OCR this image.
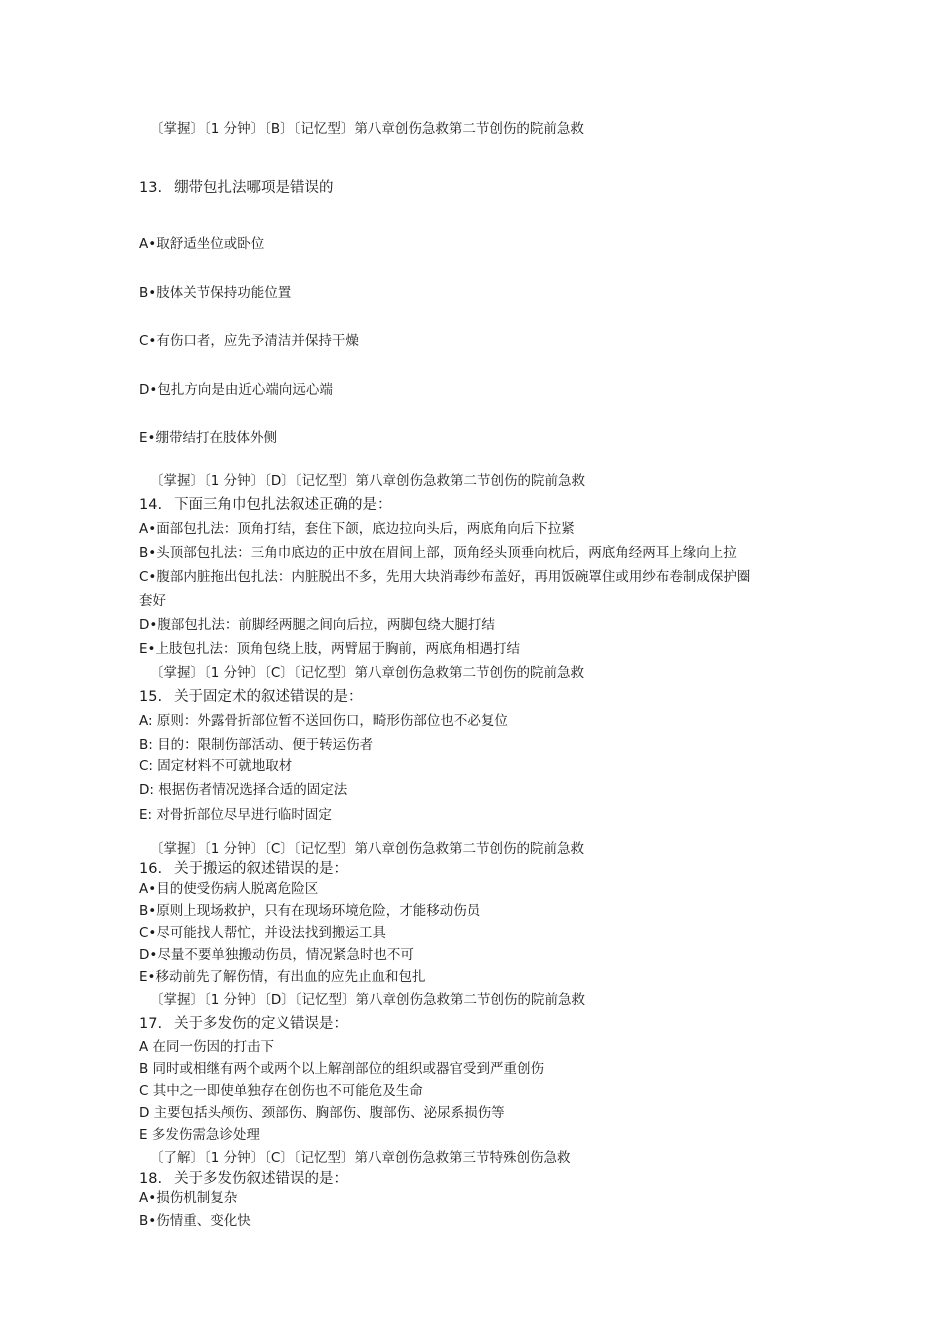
〔掌握〕〔1 分钟〕〔B〕〔记忆型〕第八章创伤急救第二节创伤的院前急救
13. 绷带包扎法哪项是错误的
A•取舒适坐位或卧位
B•肢体关节保持功能位置
C•有伤口者，应先予清洁并保持干燥
D•包扎方向是由近心端向远心端
E•绷带结打在肢体外侧
〔掌握〕〔1 分钟〕〔D〕〔记忆型〕第八章创伤急救第二节创伤的院前急救
14. 下面三角巾包扎法叙述正确的是：
A•面部包扎法：顶角打结，套住下颌，底边拉向头后，两底角向后下拉紧
B•头顶部包扎法：三角巾底边的正中放在眉间上部，顶角经头顶垂向枕后，两底角经两耳上缘向上拉
C•腹部内脏拖出包扎法：内脏脱出不多，先用大块消毒纱布盖好，再用饭碗罩住或用纱布卷制成保护圈
套好
D•腹部包扎法：前脚经两腿之间向后拉，两脚包绕大腿打结
E•上肢包扎法：顶角包绕上肢，两臂屈于胸前，两底角相遇打结
〔掌握〕〔1 分钟〕〔C〕〔记忆型〕第八章创伤急救第二节创伤的院前急救
15. 关于固定术的叙述错误的是：
A: 原则：外露骨折部位暂不送回伤口，畸形伤部位也不必复位
B: 目的：限制伤部活动、便于转运伤者
C: 固定材料不可就地取材
D: 根据伤者情况选择合适的固定法
E: 对骨折部位尽早进行临时固定
〔掌握〕〔1 分钟〕〔C〕〔记忆型〕第八章创伤急救第二节创伤的院前急救
16. 关于搬运的叙述错误的是：
A•目的使受伤病人脱离危险区
B•原则上现场救护，只有在现场环境危险，才能移动伤员
C•尽可能找人帮忙，并设法找到搬运工具
D•尽量不要单独搬动伤员，情况紧急时也不可
E•移动前先了解伤情，有出血的应先止血和包扎
〔掌握〕〔1 分钟〕〔D〕〔记忆型〕第八章创伤急救第二节创伤的院前急救
17. 关于多发伤的定义错误是：
A 在同一伤因的打击下
B 同时或相继有两个或两个以上解剖部位的组织或器官受到严重创伤
C 其中之一即使单独存在创伤也不可能危及生命
D 主要包括头颅伤、颈部伤、胸部伤、腹部伤、泌尿系损伤等
E 多发伤需急诊处理
〔了解〕〔1 分钟〕〔C〕〔记忆型〕第八章创伤急救第三节特殊创伤急救
18. 关于多发伤叙述错误的是：
A•损伤机制复杂
B•伤情重、变化快
